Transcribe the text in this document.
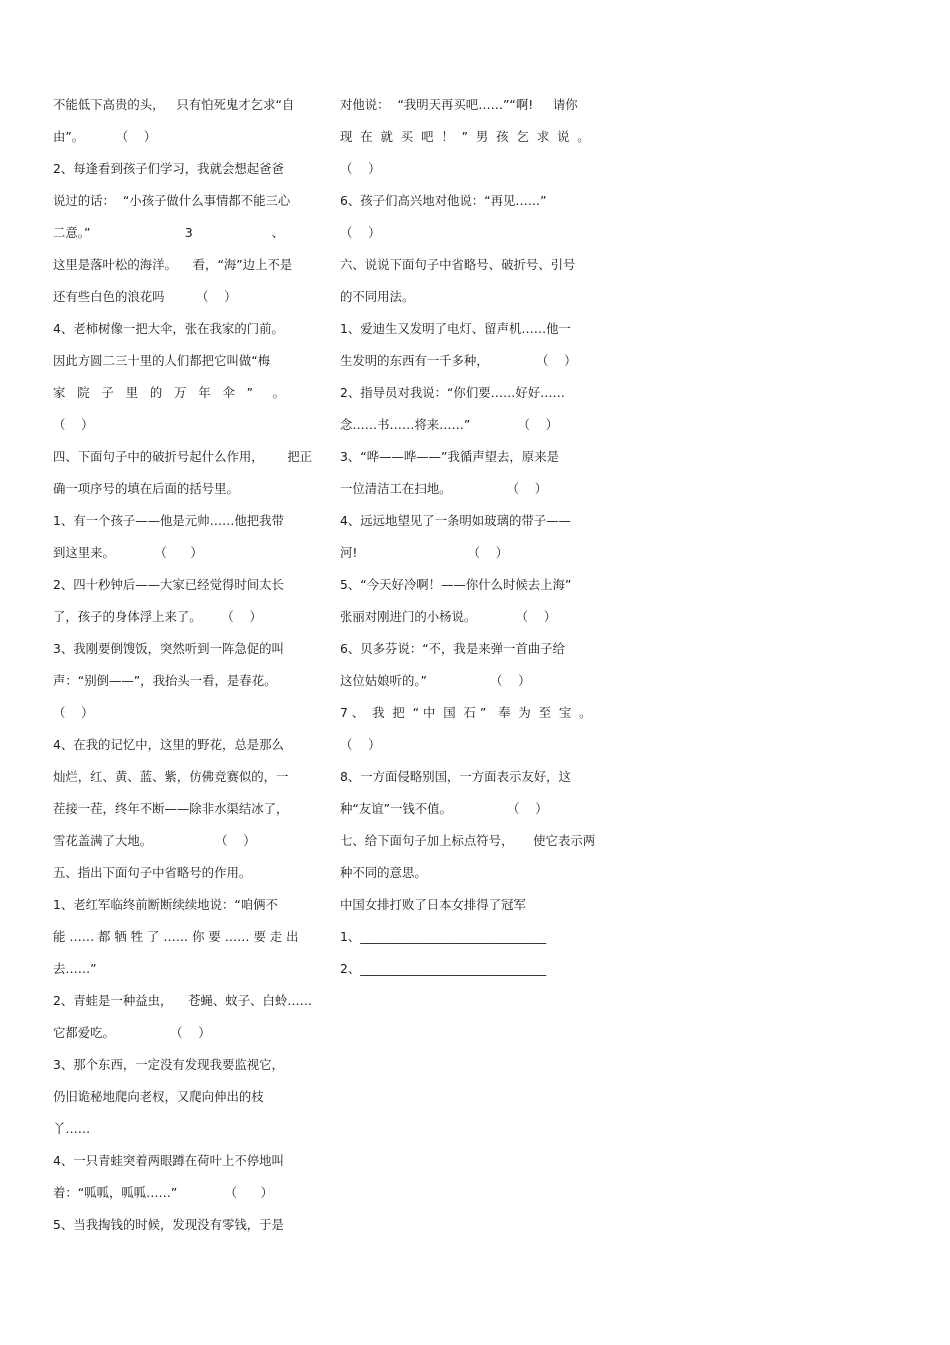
不能低下高贵的头，   只有怕死鬼才乞求“自
由”。        （    ）
2、每逢看到孩子们学习，我就会想起爸爸
说过的话：  “小孩子做什么事情都不能三心
二意。”                        3                    、
这里是落叶松的海洋。    看，“海”边上不是
还有些白色的浪花吗        （    ）
4、老柿树像一把大伞，张在我家的门前。
因此方圆二三十里的人们都把它叫做“梅
家   院   子   里   的   万   年   伞   ”     。
（    ）
四、下面句子中的破折号起什么作用，      把正
确一项序号的填在后面的括号里。
1、有一个孩子——他是元帅……他把我带
到这里来。          （      ）
2、四十秒钟后——大家已经觉得时间太长
了，孩子的身体浮上来了。     （    ）
3、我刚要倒馊饭，突然听到一阵急促的叫
声：“别倒——”，我抬头一看，是春花。
（    ）
4、在我的记忆中，这里的野花，总是那么
灿烂，红、黄、蓝、紫，仿佛竞赛似的，一
茬接一茬，终年不断——除非水渠结冰了，
雪花盖满了大地。                （    ）
五、指出下面句子中省略号的作用。
1、老红军临终前断断续续地说：“咱俩不
能 …… 都 牺 牲 了 …… 你 要 …… 要 走 出
去……”
2、青蛙是一种益虫，    苍蝇、蚊子、白蛉……
它都爱吃。              （    ）
3、那个东西，一定没有发现我要监视它，
仍旧诡秘地爬向老杈，又爬向伸出的枝
丫……
4、一只青蛙突着两眼蹲在荷叶上不停地叫
着：“呱呱，呱呱……”            （      ）
5、当我掏钱的时候，发现没有零钱，于是
对他说：  “我明天再买吧……”“啊!     请你
现  在  就  买  吧  ！  ”  男  孩  乞  求  说  。
（    ）
6、孩子们高兴地对他说：“再见……”
（    ）
六、说说下面句子中省略号、破折号、引号
的不同用法。
1、爱迪生又发明了电灯、留声机……他一
生发明的东西有一千多种，            （    ）
2、指导员对我说：“你们要……好好……
念……书……将来……”            （    ）
3、“哗——哗——”我循声望去，原来是
一位清洁工在扫地。              （    ）
4、远远地望见了一条明如玻璃的带子——
河!                            （    ）
5、“今天好冷啊！——你什么时候去上海”
张丽对刚进门的小杨说。          （    ）
6、贝多芬说：“不，我是来弹一首曲子给
这位姑娘听的。”                （    ）
7 、  我  把  “ 中  国  石 ”   奉  为  至  宝  。
（    ）
8、一方面侵略别国，一方面表示友好，这
种“友谊”一钱不值。              （    ）
七、给下面句子加上标点符号，     使它表示两
种不同的意思。
中国女排打败了日本女排得了冠军
1、______________________________
2、______________________________
